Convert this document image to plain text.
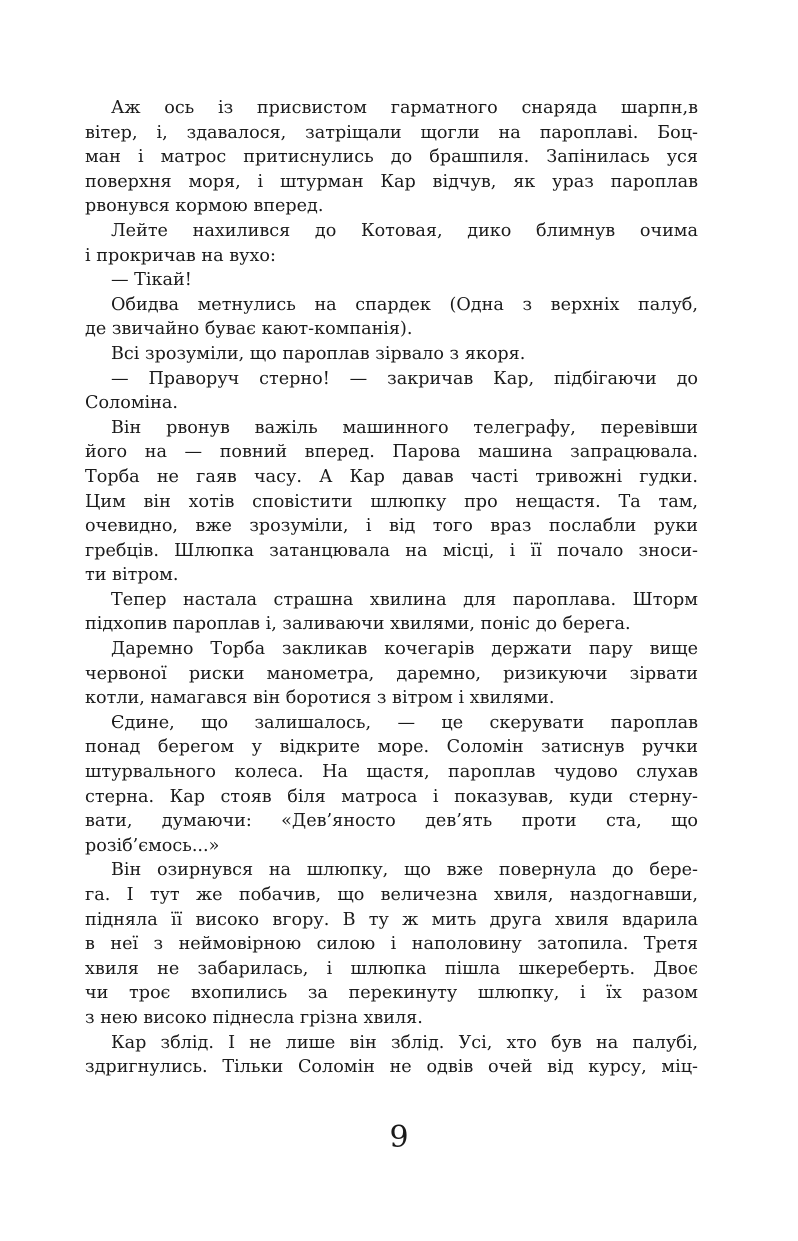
Аж ось із присвистом гарматного снаряда шарпн,в
вітер, і, здавалося, затріщали щогли на пароплаві. Боц-
ман і матрос притиснулись до брашпиля. Запінилась уся
поверхня моря, і штурман Кар відчув, як ураз пароплав
рвонувся кормою вперед.
Лейте нахилився до Котовая, дико блимнув очима
і прокричав на вухо:
— Тікай!
Обидва метнулись на спардек (Одна з верхніх палуб,
де звичайно буває кают-компанія).
Всі зрозуміли, що пароплав зірвало з якоря.
— Праворуч стерно! — закричав Кар, підбігаючи до
Соломіна.
Він рвонув важіль машинного телеграфу, перевівши
його на — повний вперед. Парова машина запрацювала.
Торба не гаяв часу. А Кар давав часті тривожні гудки.
Цим він хотів сповістити шлюпку про нещастя. Та там,
очевидно, вже зрозуміли, і від того враз послабли руки
гребців. Шлюпка затанцювала на місці, і її почало зноси-
ти вітром.
Тепер настала страшна хвилина для пароплава. Шторм
підхопив пароплав і, заливаючи хвилями, поніс до берега.
Даремно Торба закликав кочегарів держати пару вище
червоної риски манометра, даремно, ризикуючи зірвати
котли, намагався він боротися з вітром і хвилями.
Єдине, що залишалось, — це скерувати пароплав
понад берегом у відкрите море. Соломін затиснув ручки
штурвального колеса. На щастя, пароплав чудово слухав
стерна. Кар стояв біля матроса і показував, куди стерну-
вати, думаючи: «Дев’яносто дев’ять проти ста, що
розіб’ємось...»
Він озирнувся на шлюпку, що вже повернула до бере-
га. І тут же побачив, що величезна хвиля, наздогнавши,
підняла її високо вгору. В ту ж мить друга хвиля вдарила
в неї з неймовірною силою і наполовину затопила. Третя
хвиля не забарилась, і шлюпка пішла шкереберть. Двоє
чи троє вхопились за перекинуту шлюпку, і їх разом
з нею високо піднесла грізна хвиля.
Кар зблід. І не лише він зблід. Усі, хто був на палубі,
здригнулись. Тільки Соломін не одвів очей від курсу, міц-
9
